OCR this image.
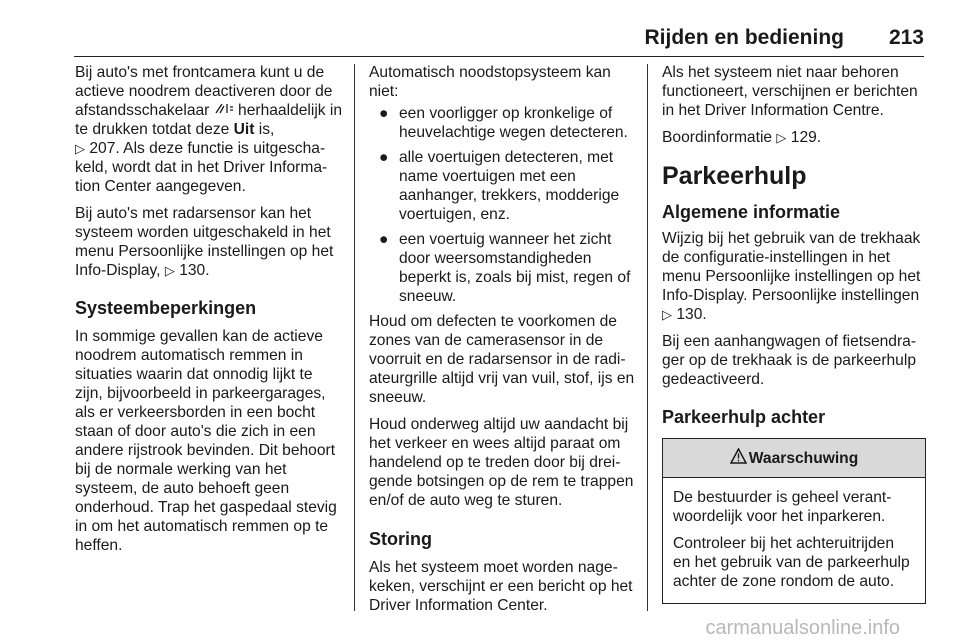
Rijden en bediening 213

Bij auto's met frontcamera kunt u de actieve noodrem deactiveren door de afstandsschakelaar herhaaldelijk in te drukken totdat deze Uit is,
▷ 207. Als deze functie is uitgeschakeld, wordt dat in het Driver Information Center aangegeven.

Bij auto's met radarsensor kan het systeem worden uitgeschakeld in het menu Persoonlijke instellingen op het Info-Display, ▷ 130.

Systeembeperkingen

In sommige gevallen kan de actieve noodrem automatisch remmen in situaties waarin dat onnodig lijkt te zijn, bijvoorbeeld in parkeergarages, als er verkeersborden in een bocht staan of door auto's die zich in een andere rijstrook bevinden. Dit behoort bij de normale werking van het systeem, de auto behoeft geen onderhoud. Trap het gaspedaal stevig in om het automatisch remmen op te heffen.

Automatisch noodstopsysteem kan niet:

● een voorligger op kronkelige of heuvelachtige wegen detecteren.
● alle voertuigen detecteren, met name voertuigen met een aanhanger, trekkers, modderige voertuigen, enz.
● een voertuig wanneer het zicht door weersomstandigheden beperkt is, zoals bij mist, regen of sneeuw.

Houd om defecten te voorkomen de zones van de camerasensor in de voorruit en de radarsensor in de radiateurgrille altijd vrij van vuil, stof, ijs en sneeuw.

Houd onderweg altijd uw aandacht bij het verkeer en wees altijd paraat om handelend op te treden door bij dreigende botsingen op de rem te trappen en/of de auto weg te sturen.

Storing

Als het systeem moet worden nagekeken, verschijnt er een bericht op het Driver Information Center.

Als het systeem niet naar behoren functioneert, verschijnen er berichten in het Driver Information Centre.

Boordinformatie ▷ 129.

Parkeerhulp
Algemene informatie

Wijzig bij het gebruik van de trekhaak de configuratie-instellingen in het menu Persoonlijke instellingen op het Info-Display. Persoonlijke instellingen ▷ 130.

Bij een aanhangwagen of fietsendrager op de trekhaak is de parkeerhulp gedeactiveerd.

Parkeerhulp achter
Waarschuwing

De bestuurder is geheel verantwoordelijk voor het inparkeren.

Controleer bij het achteruitrijden en het gebruik van de parkeerhulp achter de zone rondom de auto.

carmanualsonline.info
